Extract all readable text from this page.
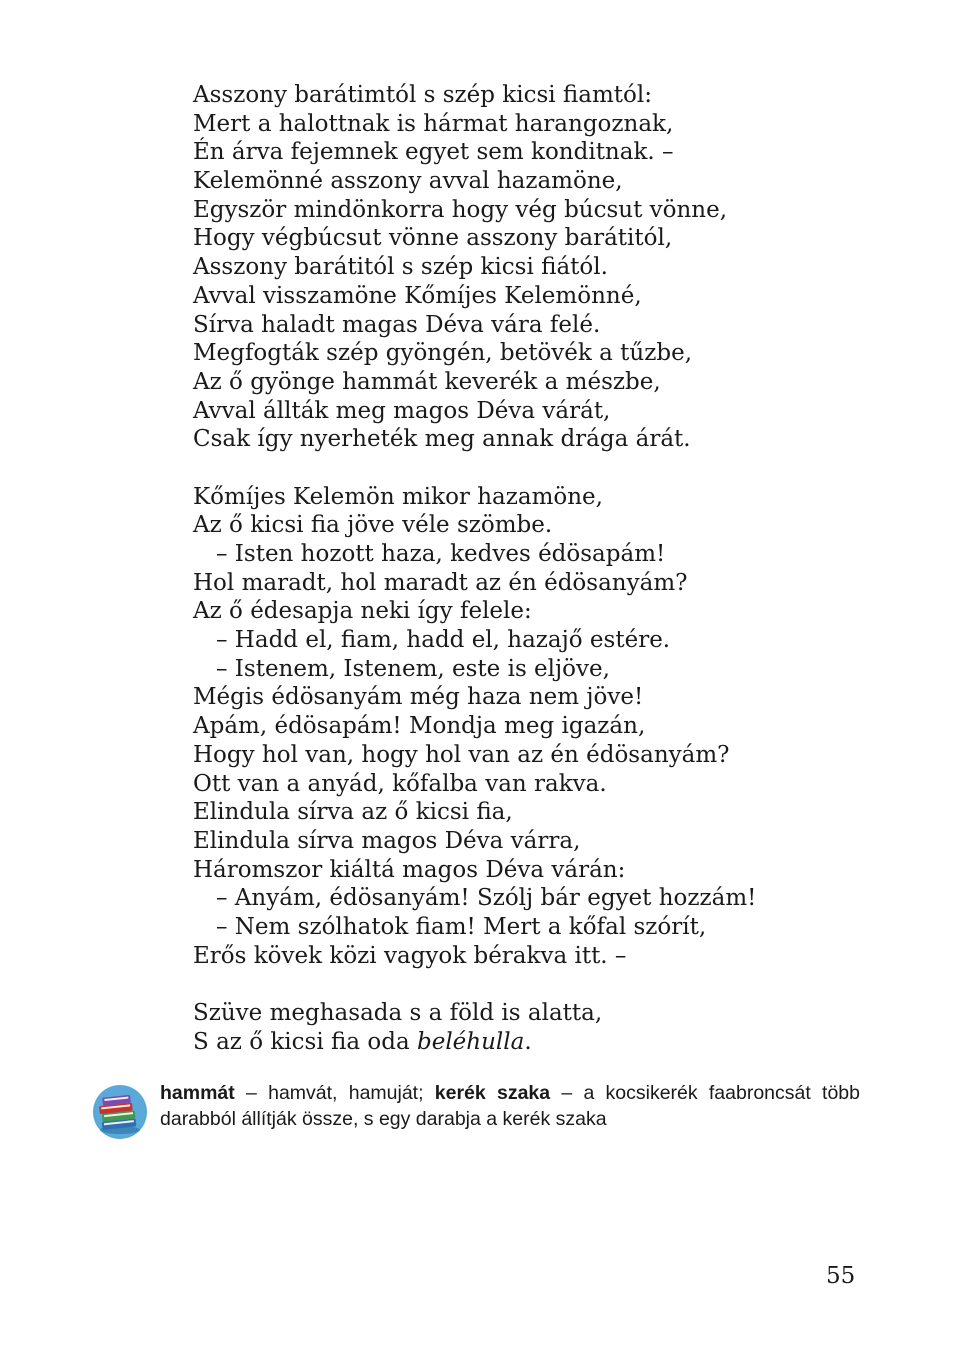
Asszony barátimtól s szép kicsi fiamtól:
Mert a halottnak is hármat harangoznak,
Én árva fejemnek egyet sem konditnak. –
Kelemönné asszony avval hazamöne,
Egyször mindönkorra hogy vég búcsut vönne,
Hogy végbúcsut vönne asszony barátitól,
Asszony barátitól s szép kicsi fiától.
Avval visszamöne Kőmíjes Kelemönné,
Sírva haladt magas Déva vára felé.
Megfogták szép gyöngén, betövék a tűzbe,
Az ő gyönge hammát keverék a mészbe,
Avval állták meg magos Déva várát,
Csak így nyerheték meg annak drága árát.
Kőmíjes Kelemön mikor hazamöne,
Az ő kicsi fia jöve véle szömbe.
– Isten hozott haza, kedves édösapám!
Hol maradt, hol maradt az én édösanyám?
Az ő édesapja neki így felele:
– Hadd el, fiam, hadd el, hazajő estére.
– Istenem, Istenem, este is eljöve,
Mégis édösanyám még haza nem jöve!
Apám, édösapám! Mondja meg igazán,
Hogy hol van, hogy hol van az én édösanyám?
Ott van a anyád, kőfalba van rakva.
Elindula sírva az ő kicsi fia,
Elindula sírva magos Déva várra,
Háromszor kiáltá magos Déva várán:
– Anyám, édösanyám! Szólj bár egyet hozzám!
– Nem szólhatok fiam! Mert a kőfal szórít,
Erős kövek közi vagyok bérakva itt. –
Szüve meghasada s a föld is alatta,
S az ő kicsi fia oda beléhulla.
hammát – hamvát, hamuját; kerék szaka – a kocsikerék faabroncsát több darabból állítják össze, s egy darabja a kerék szaka
55
